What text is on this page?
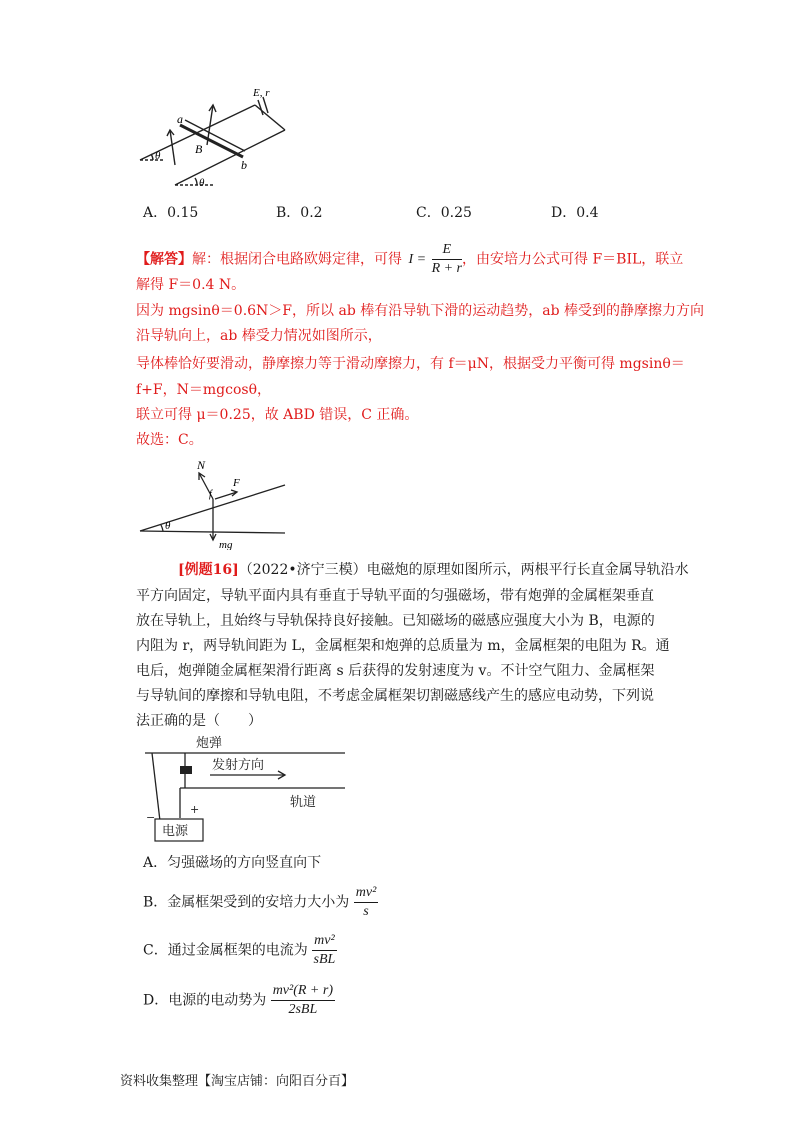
a
b
B
θ
θ
E, r
A．0.15	B．0.2	C．0.25	D．0.4
【解答】解：根据闭合电路欧姆定律，可得 $I = \frac{E}{R + r}$ ，由安培力公式可得 F＝BIL，联立
解得 F＝0.4 N。
因为 mgsinθ＝0.6N＞F，所以 ab 棒有沿导轨下滑的运动趋势，ab 棒受到的静摩擦力方向
沿导轨向上，ab 棒受力情况如图所示，
导体棒恰好要滑动，静摩擦力等于滑动摩擦力，有 f＝μN，根据受力平衡可得 mgsinθ＝
f+F，N＝mgcosθ，
联立可得 μ＝0.25，故 ABD 错误，C 正确。
故选：C。
N
F
f
θ
mg
[例题16]（2022•济宁三模）电磁炮的原理如图所示，两根平行长直金属导轨沿水
平方向固定，导轨平面内具有垂直于导轨平面的匀强磁场，带有炮弹的金属框架垂直
放在导轨上，且始终与导轨保持良好接触。已知磁场的磁感应强度大小为 B，电源的
内阻为 r，两导轨间距为 L，金属框架和炮弹的总质量为 m，金属框架的电阻为 R。通
电后，炮弹随金属框架滑行距离 s 后获得的发射速度为 v。不计空气阻力、金属框架
与导轨间的摩擦和导轨电阻，不考虑金属框架切割磁感线产生的感应电动势，下列说
法正确的是（　　）
炮弹
发射方向
轨道
电源
−
+
A．匀强磁场的方向竖直向下
B．金属框架受到的安培力大小为 $\frac{\text{mv²}}{s}$
C．通过金属框架的电流为 $\frac{\text{mv²}}{\text{sBL}}$
D．电源的电动势为 $\frac{\text{mv²(R + r)}}{\text{2sBL}}$
资料收集整理【淘宝店铺：向阳百分百】
